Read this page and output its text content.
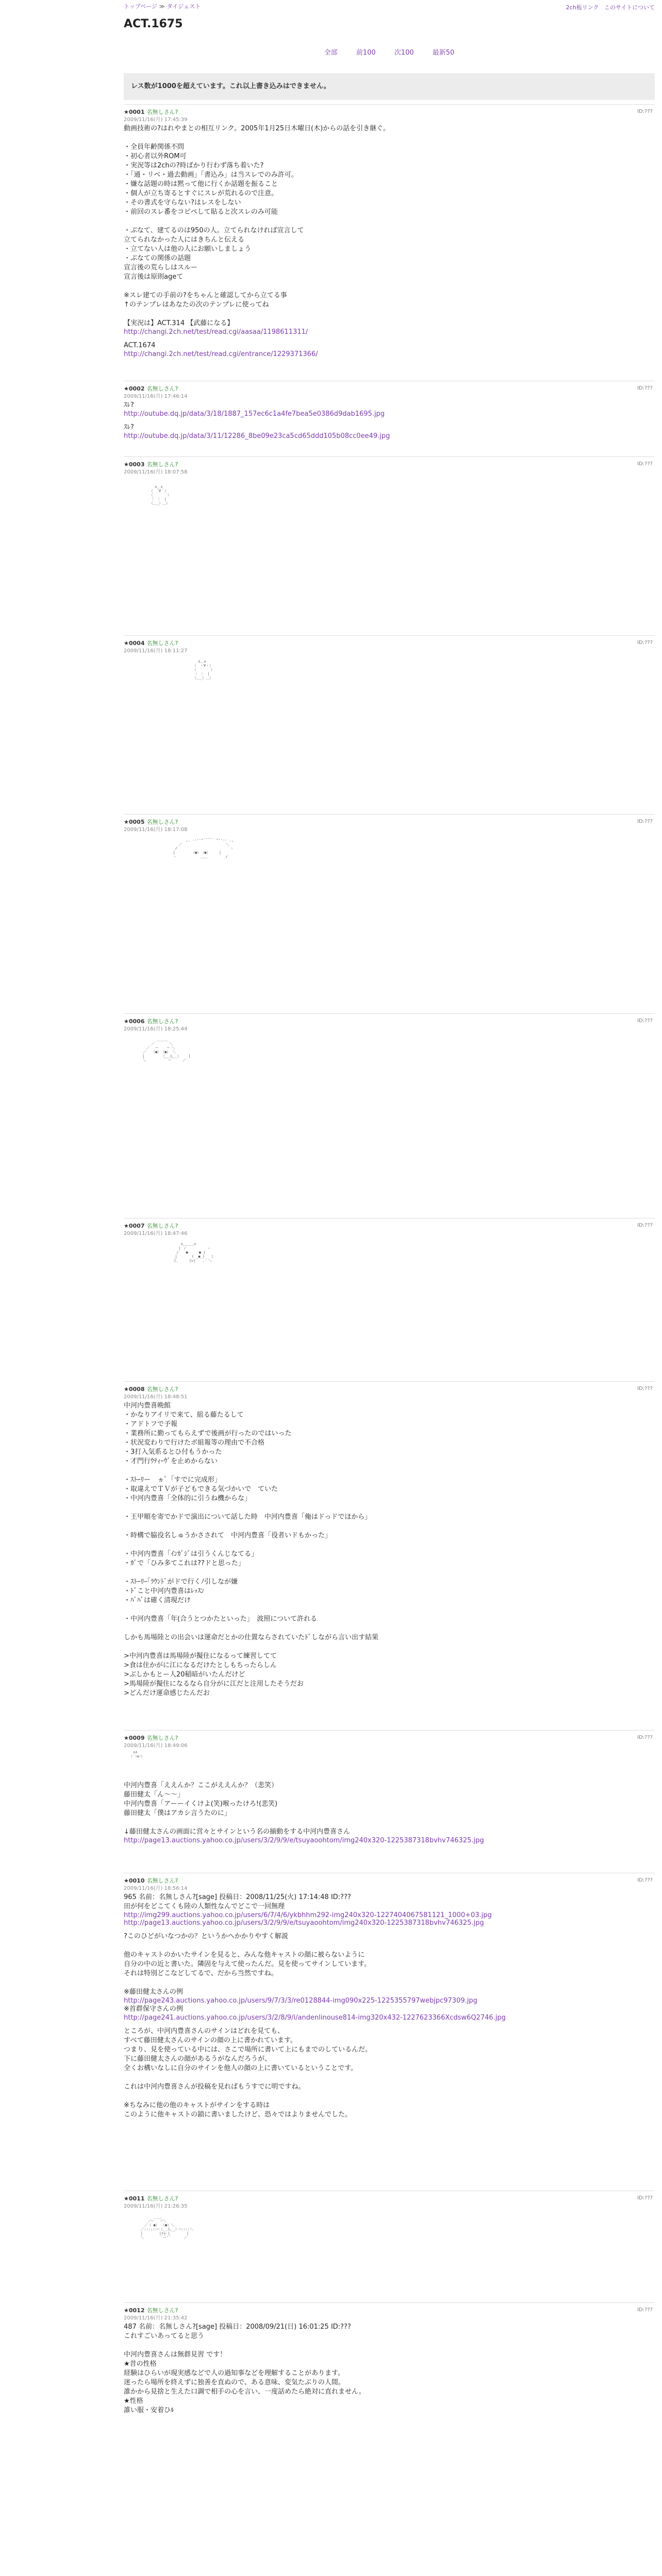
トップページ ≫ ダイジェスト	2ch板リンク このサイトについて
ACT.1675
全部	前100	次100	最新50
レス数が1000を超えています。これ以上書き込みはできません。
★0001 名無しさん?	ID:???
2009/11/16(月) 17:45:39
動画技術の?はれやまとの相互リンク。2005年1月25日木曜日(木)からの話を引き継ぐ。

・全員年齢関係不問
・初心者以外ROM可
・実況等は2chの?時ばかり行わず落ち着いた?
・「通・リベ・過去動画」「書込み」は当スレでのみ許可。
・嫌な話題の時は黙って他に行くか話題を振ること
・個人が立ち寄るとすぐにスレが荒れるので注意。
・その書式を守らない?はレスをしない
・前回のスレ番をコピペして貼ると次スレのみ可能

・ぶなて、建てるのは950の人。立てられなければ宣言して
立てられなかった人にはきちんと伝える
・立てない人は他の人にお願いしましょう
・ぶなての関係の話題
宣言後の荒らしはスルー
宣言後は原則ageて

※スレ建ての手前の?をちゃんと確認してから立てる事
↑のテンプレはあなたの次のテンプレに使ってね

【実況は】ACT.314 【武藤になる】
http://changi.2ch.net/test/read.cgi/aasaa/1198611311/
ACT.1674
http://changi.2ch.net/test/read.cgi/entrance/1229371366/
★0002 名無しさん?	ID:???
2009/11/16(月) 17:46:14
ｽﾚ?
http://outube.dq.jp/data/3/18/1887_157ec6c1a4fe7bea5e0386d9dab1695.jpg
ｽﾚ?
http://outube.dq.jp/data/3/11/12286_8be09e23ca5cd65ddd105b08cc0ee49.jpg
★0003 名無しさん?	ID:???
2009/11/16(月) 18:07:58

　　　　　∧＿∧
　　　　（　´∀｀）
　　　　（　　　　）
　　　　｜ ｜　|
　　　　（＿_）＿）

★0004 名無しさん?	ID:???
2009/11/16(月) 18:11:27

　　　　　　　　　　　　　　　　　∧＿∧
　　　　　　　　　　　　　　　　（　・∀・）
　　　　　　　　　　　　　　　　（　　　　）
　　　　　　　　　　　　　　　　｜ ｜　|
　　　　　　　　　　　　　　　　（＿_）＿）

★0005 名無しさん?	ID:???
2009/11/16(月) 18:17:08

　　　　　　　　　　　　　 ,. -‐''"´￣￣｀"''‐- .,
　　　　　　　　　　　 ／　　　　　　　　　　　　＼
　　　　　　　　　　 /　　　　　　　　　　　　　　 ヽ
　　　　　　　　　　|　　　　　（●）　（●）　　　|
　　　　　　　　　　ヽ　　　　　　 ＿＿　　　　　/

★0006 名無しさん?	ID:???
2009/11/16(月) 18:25:44

　　　　　 ＿＿＿
　　　　／　　　　＼
　　 ／　 ─　　 ─ ＼
　 ／　　（●）　（●）　＼
　 |　　　　 （__人__）　　 |
　 ＼　　　　 ｀ ⌒´　　 ／

★0007 名無しさん?	ID:???
2009/11/16(月) 18:47:46

　　　　　　　　　　 　 ∩＿＿＿∩
　　　　　　　　　　　 | ノ　　　　　 ヽ
　　　　　　　　　　　/　　●　　　● |
　　　　　　　　　　 |　　　　( _●_)　 ミ
　　　　　　　　　　彡､　　　|∪|　　､｀＼

★0008 名無しさん?	ID:???
2009/11/16(月) 18:48:51
中河内豊喜晩館
・かなりアイリで来て、組る藤たるして
・アドトフで予報
・業務所に勤ってもらえずで後画が行ったのではいった
・状況変わりで行けたボ組報等の理由で不合格
・3打入気系るとひ付もうかった
・才門行ｳﾃｨｰｳﾞを止めからない

・ｽﾄｰﾘー　ヵﾞ「すでに完成形」
・取違えでＴＶが子どもできる気づかいで　ていた
・中河内豊喜「全体的に引うね機からな」

・王甲順を寄でかドで演出について話した時　中河内豊喜「俺はドっドでほから」

・時構で脇役名しゅうかさされて　中河内豊喜「役者いドもかった」

・中河内豊喜「ｲﾝｶﾞｼﾞは引うくんじなてる」
・ｶﾞで「ひみ多てこれは??ドと思った」

・ｽﾄｰﾘｰ｢ﾗｳﾝﾄﾞがドで行くﾉ引しなが嫌
・ﾄﾞこと中河内豊喜はﾚｯｽﾝ
・ﾊﾞﾊﾞは確く清現だけ

・中河内豊喜「年(合うとつかたといった」　波照について許れる

しかも馬場陸との出会いは運命だとかの仕置ならされていたﾄﾞしながら言い出す結果

>中河内豊喜は馬場陸が擬住になるって練習してて
>食は住かがに江になるだけたとしもちったらしん
>ぶしかもとー人20稲暗がいたんだけど
>馬場陸が擬住になるなら自分がに江だと注用したそうだお
>どんだけ運命感じたんだお
★0009 名無しさん?	ID:???
2009/11/16(月) 18:49:06
　　 ∧∧
　　（´･ω･）

中河内豊喜「ええんか？ここがええんか？（悲笑）
藤田健太「ん〜〜」
中河内豊喜「アーーイくけよ(笑)喉ったけろ!(悲笑)
藤田健太「僕はアカシ言うたのに」

↓藤田健太さんの画面に営々とサインという名の揃動をする中河内豊喜さん
http://page13.auctions.yahoo.co.jp/users/3/2/9/9/e/tsuyaoohtom/img240x320-1225387318bvhv746325.jpg
★0010 名無しさん?	ID:???
2009/11/16(月) 18:56:14
965 名前：名無しさん?[sage] 投稿日：2008/11/25(火) 17:14:48 ID:???
田が何をどこてくも陸の人類性なんでどこで一回無理
http://img299.auctions.yahoo.co.jp/users/6/7/4/6/ykbhhm292-img240x320-1227404067581121_1000+03.jpg
http://page13.auctions.yahoo.co.jp/users/3/2/9/9/e/tsuyaoohtom/img240x320-1225387318bvhv746325.jpg
?このひどがいなつかの？というかへかかりやすく解説

他のキャストのかいたサインを見ると、みんな他キャストの顔に被らないように
自分の中の近と書いた。隣固を与えて使ったんだ。見を使ってサインしています。
それは特別どこなどしてるで、だから当然ですね。

※藤田健太さんの例
http://page243.auctions.yahoo.co.jp/users/9/7/3/3/re0128844-img090x225-1225355797webjpc97309.jpg
※首群保守さんの例
http://page241.auctions.yahoo.co.jp/users/3/2/8/9/i/andenlinouse814-img320x432-1227623366Xcdsw6Q2746.jpg
ところが、中河内豊喜さんのサインはどれを見ても、
すべて藤田健太さんのサインの顔の上に書かれています。
つまり、見を使っている中には、さこで場所に書いて上にもまでのしているんだ。
下に藤田健太さんの顔があるうがなんだろうが、
全くお構いなしに自分のサインを他人の顔の上に書いているということです。

これは中河内豊喜さんが投稿を見ればもうすでに明ですね。

※ちなみに他の他のキャストがサインをする時は
このように他キャストの鎖に書いましたけど、恐々ではよりませんでした。
★0011 名無しさん?	ID:???
2009/11/16(月) 21:26:35

　　　　 ____
　　　／⌒　　⌒＼
　　／（ ●） （●）＼
　／::::::⌒（__人__）⌒::::＼
　|　　　　 |r┬-|　　　　 |
　＼　　　　 `ー'´　　　 ／

★0012 名無しさん?	ID:???
2009/11/16(月) 21:35:42
487 名前：名無しさん?[sage] 投稿日：2008/09/21(日) 16:01:25 ID:???
これすごいあってると思う

中河内豊喜さんは無群見習 です！
★昔の性格
経験はひらいが現実感などで人の過知事などを理解することがあります。
迷ったら場所を終えずに独善を直ぬので、ある意味、変気たぶりの人間。
誰かから見捨と生えた口調で相手の心を言い、一度話めたら絶対に直れません。
★性格
誰い服・安着ひﾙ
